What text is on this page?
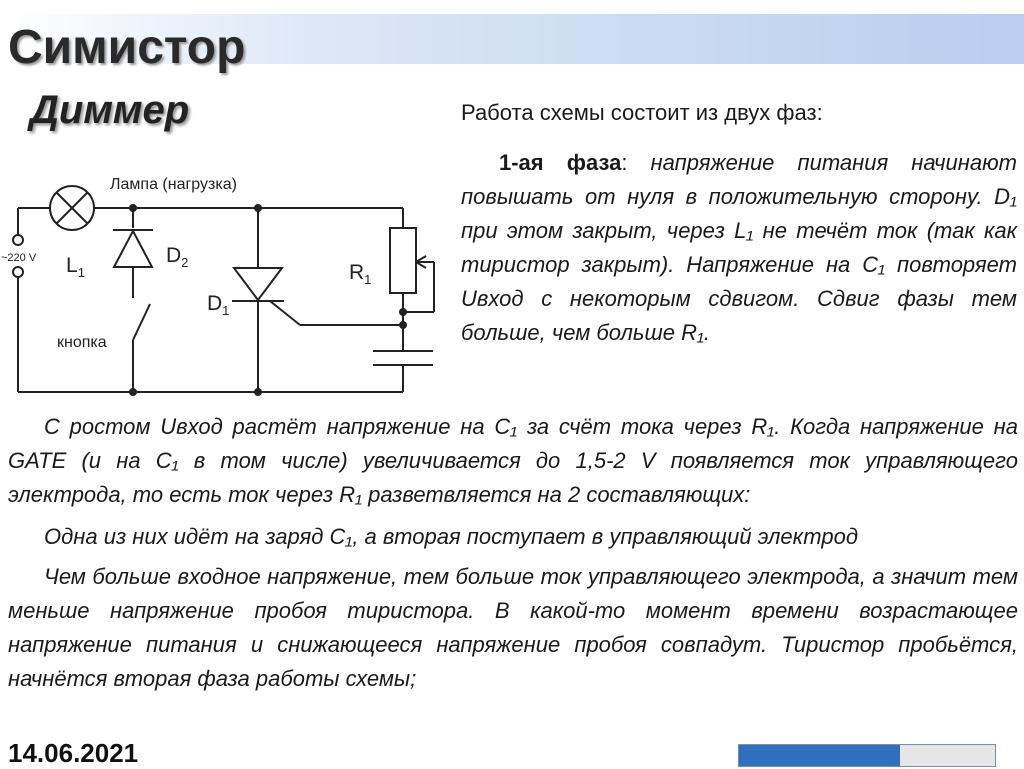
Симистор
Диммер
Лампа (нагрузка)
~220 V $L_1$
$D_2$
$D_1$
$R_1$
кнопка
Работа схемы состоит из двух фаз:
1-ая фаза: напряжение питания начинают повышать от нуля в положительную сторону. D₁ при этом закрыт, через L₁ не течёт ток (так как тиристор закрыт). Напряжение на C₁ повторяет Uвход с некоторым сдвигом. Сдвиг фазы тем больше, чем больше R₁.

С ростом Uвход растёт напряжение на C₁ за счёт тока через R₁. Когда напряжение на GATE (и на C₁ в том числе) увеличивается до 1,5-2 V появляется ток управляющего электрода, то есть ток через R₁ разветвляется на 2 составляющих:

Одна из них идёт на заряд C₁, а вторая поступает в управляющий электрод

Чем больше входное напряжение, тем больше ток управляющего электрода, а значит тем меньше напряжение пробоя тиристора. В какой-то момент времени возрастающее напряжение питания и снижающееся напряжение пробоя совпадут. Тиристор пробьётся, начнётся вторая фаза работы схемы;

14.06.2021
